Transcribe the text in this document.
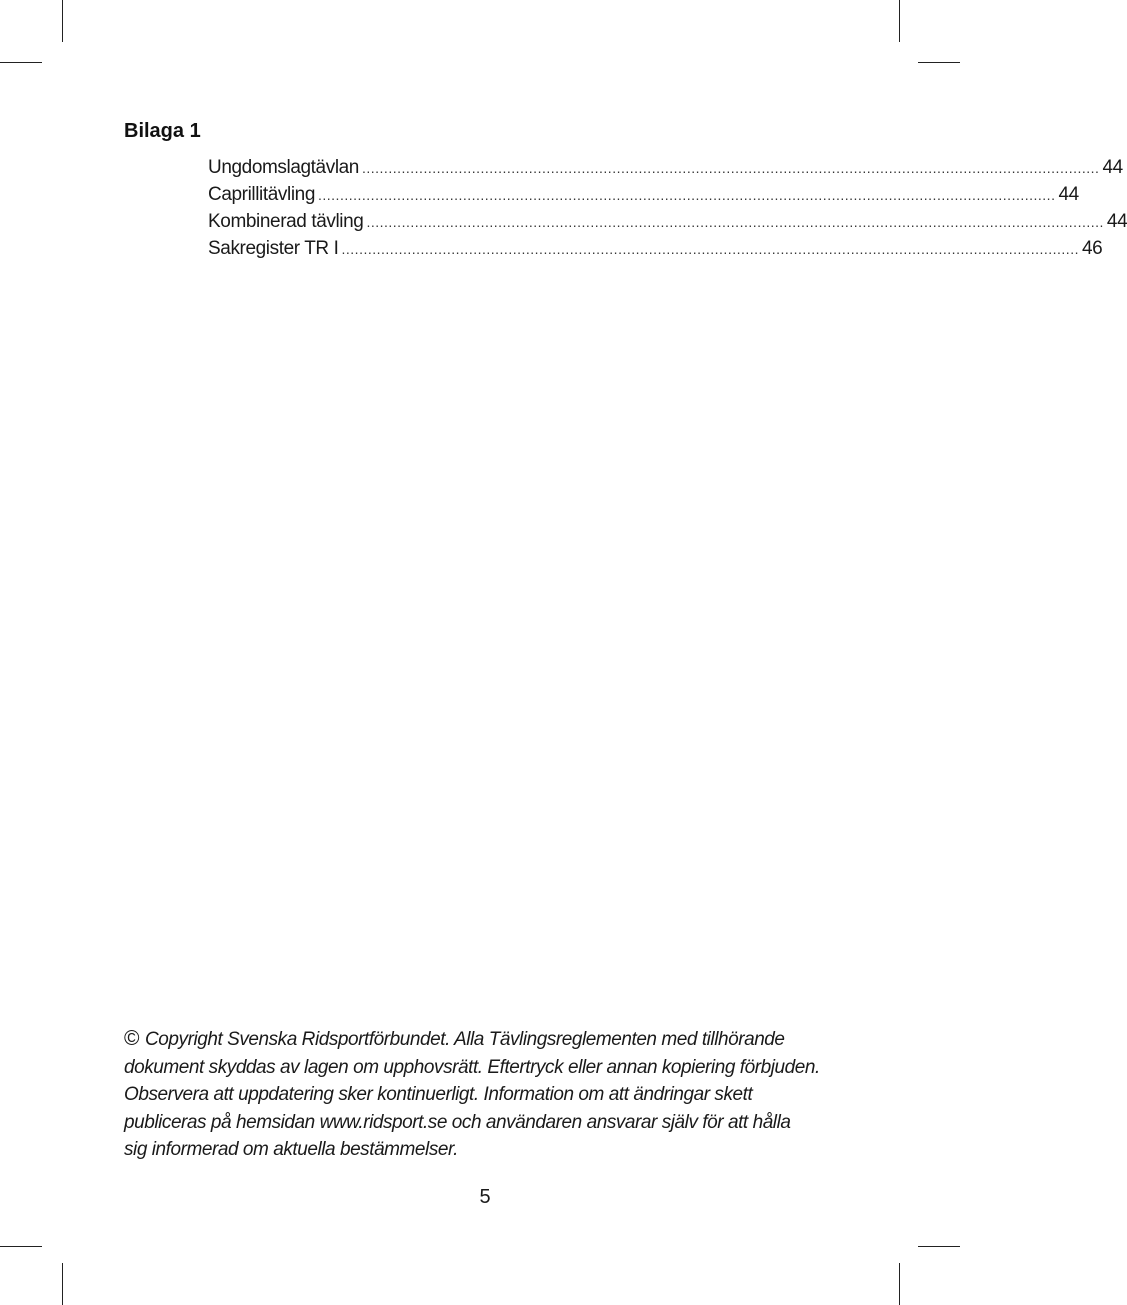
Bilaga 1
Ungdomslagtävlan ........................................................................................................................................................................ 44
Caprillitävling ........................................................................................................................................................................ 44
Kombinerad tävling ........................................................................................................................................................................ 44
Sakregister TR I ........................................................................................................................................................................ 46

© Copyright Svenska Ridsportförbundet. Alla Tävlingsreglementen med tillhörande

dokument skyddas av lagen om upphovsrätt. Eftertryck eller annan kopiering förbjuden.

Observera att uppdatering sker kontinuerligt. Information om att ändringar skett

publiceras på hemsidan www.ridsport.se och användaren ansvarar själv för att hålla

sig informerad om aktuella bestämmelser.

5
